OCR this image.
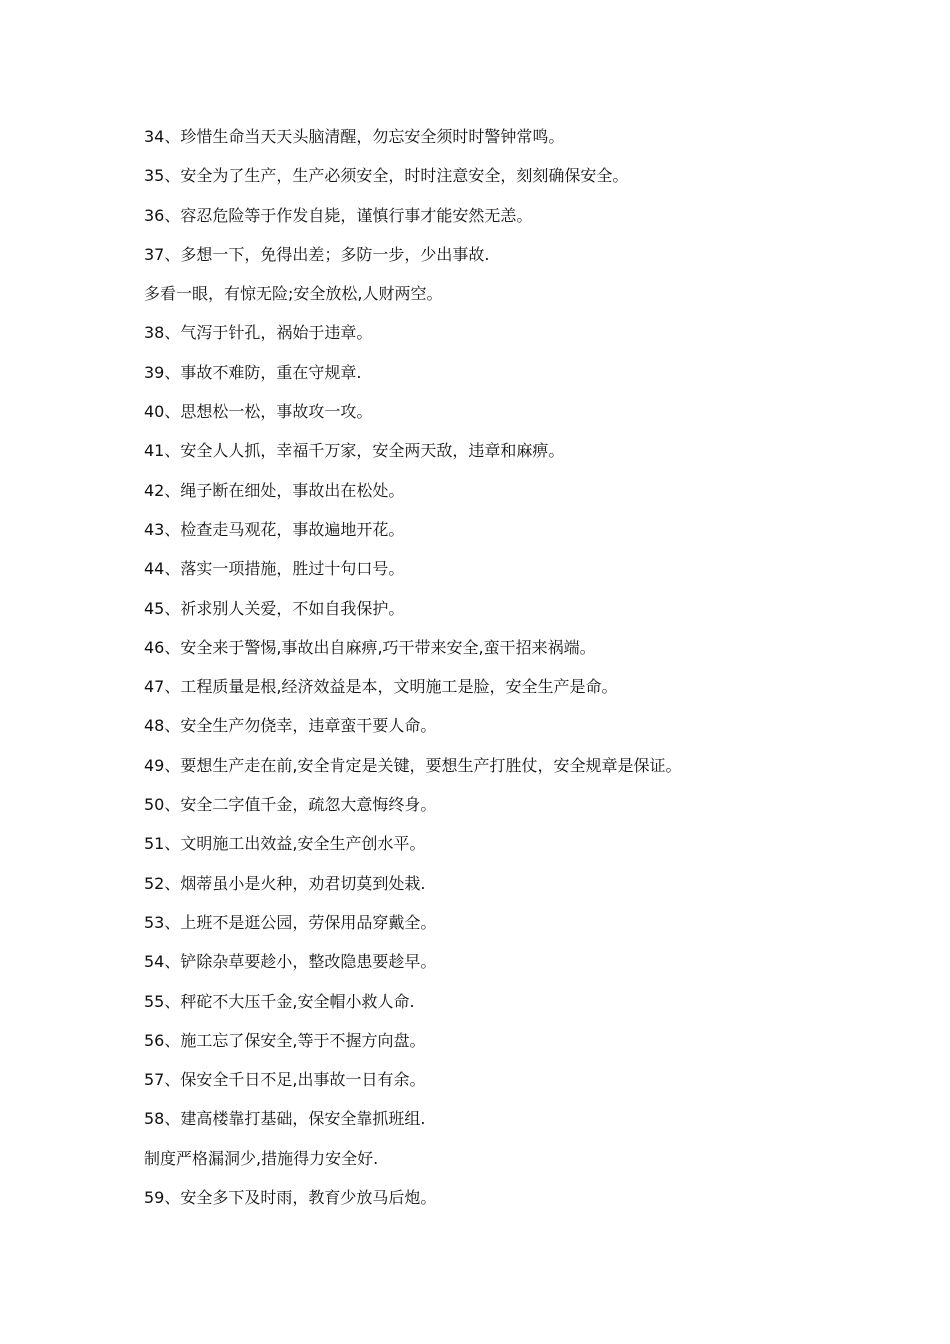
34、珍惜生命当天天头脑清醒，勿忘安全须时时警钟常鸣。
35、安全为了生产，生产必须安全，时时注意安全，刻刻确保安全。
36、容忍危险等于作发自毙，谨慎行事才能安然无恙。
37、多想一下，免得出差；多防一步，少出事故.
多看一眼，有惊无险;安全放松,人财两空。
38、气泻于针孔，祸始于违章。
39、事故不难防，重在守规章.
40、思想松一松，事故攻一攻。
41、安全人人抓，幸福千万家，安全两天敌，违章和麻痹。
42、绳子断在细处，事故出在松处。
43、检查走马观花，事故遍地开花。
44、落实一项措施，胜过十句口号。
45、祈求别人关爱，不如自我保护。
46、安全来于警惕,事故出自麻痹,巧干带来安全,蛮干招来祸端。
47、工程质量是根,经济效益是本，文明施工是脸，安全生产是命。
48、安全生产勿侥幸，违章蛮干要人命。
49、要想生产走在前,安全肯定是关键，要想生产打胜仗，安全规章是保证。
50、安全二字值千金，疏忽大意悔终身。
51、文明施工出效益,安全生产创水平。
52、烟蒂虽小是火种，劝君切莫到处栽.
53、上班不是逛公园，劳保用品穿戴全。
54、铲除杂草要趁小，整改隐患要趁早。
55、秤砣不大压千金,安全帽小救人命.
56、施工忘了保安全,等于不握方向盘。
57、保安全千日不足,出事故一日有余。
58、建高楼靠打基础，保安全靠抓班组.
制度严格漏洞少,措施得力安全好.
59、安全多下及时雨，教育少放马后炮。
